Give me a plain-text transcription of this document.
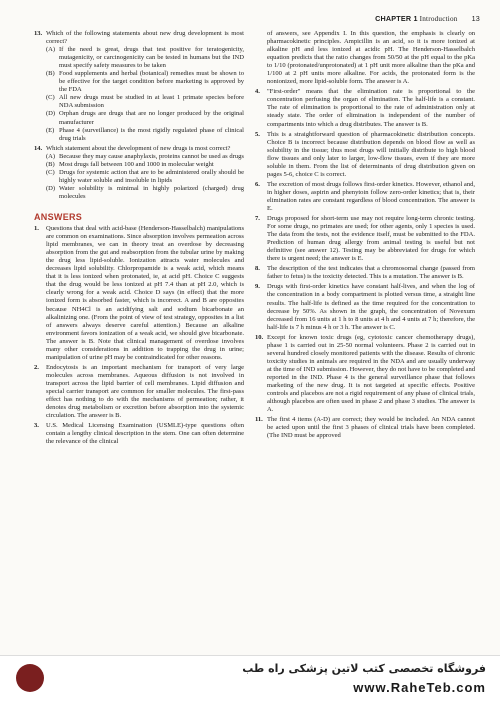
CHAPTER 1 Introduction 13
13. Which of the following statements about new drug development is most correct?
(A) If the need is great, drugs that test positive for teratogenicity, mutagenicity, or carcinogenicity can be tested in humans but the IND must specify safety measures to be taken
(B) Food supplements and herbal (botanical) remedies must be shown to be effective for the target condition before marketing is approved by the FDA
(C) All new drugs must be studied in at least 1 primate species before NDA submission
(D) Orphan drugs are drugs that are no longer produced by the original manufacturer
(E) Phase 4 (surveillance) is the most rigidly regulated phase of clinical drug trials
14. Which statement about the development of new drugs is most correct?
(A) Because they may cause anaphylaxis, proteins cannot be used as drugs
(B) Most drugs fall between 100 and 1000 in molecular weight
(C) Drugs for systemic action that are to be administered orally should be highly water soluble and insoluble in lipids
(D) Water solubility is minimal in highly polarized (charged) drug molecules
ANSWERS
1.	Questions that deal with acid-base (Henderson-Hasselbalch) manipulations are common on examinations. Since absorption involves permeation across lipid membranes, we can in theory treat an overdose by decreasing absorption from the gut and reabsorption from the tubular urine by making the drug less lipid-soluble. Ionization attracts water molecules and decreases lipid solubility. Chlorpropamide is a weak acid, which means that it is less ionized when protonated, ie, at acid pH. Choice C suggests that the drug would be less ionized at pH 7.4 than at pH 2.0, which is clearly wrong for a weak acid. Choice D says (in effect) that the more ionized form is absorbed faster, which is incorrect. A and B are opposites because NH4Cl is an acidifying salt and sodium bicarbonate an alkalinizing one. (From the point of view of test strategy, opposites in a list of answers always deserve careful attention.) Because an alkaline environment favors ionization of a weak acid, we should give bicarbonate. The answer is B. Note that clinical management of overdose involves many other considerations in addition to trapping the drug in urine; manipulation of urine pH may be contraindicated for other reasons.
2.	Endocytosis is an important mechanism for transport of very large molecules across membranes. Aqueous diffusion is not involved in transport across the lipid barrier of cell membranes. Lipid diffusion and special carrier transport are common for smaller molecules. The first-pass effect has nothing to do with the mechanisms of permeation; rather, it denotes drug metabolism or excretion before absorption into the systemic circulation. The answer is B.
3.	U.S. Medical Licensing Examination (USMLE)-type questions often contain a lengthy clinical description in the stem. One can often determine the relevance of the clinical
of answers, see Appendix I. In this question, the emphasis is clearly on pharmacokinetic principles. Ampicillin is an acid, so it is more ionized at alkaline pH and less ionized at acidic pH. The Henderson-Hasselbalch equation predicts that the ratio changes from 50/50 at the pH equal to the pKa to 1/10 (protonated/unprotonated) at 1 pH unit more alkaline than the pKa and 1/100 at 2 pH units more alkaline. For acids, the protonated form is the nonionized, more lipid-soluble form. The answer is A.
4.	"First-order" means that the elimination rate is proportional to the concentration perfusing the organ of elimination. The half-life is a constant. The rate of elimination is proportional to the rate of administration only at steady state. The order of elimination is independent of the number of compartments into which a drug distributes. The answer is B.
5.	This is a straightforward question of pharmacokinetic distribution concepts. Choice B is incorrect because distribution depends on blood flow as well as solubility in the tissue; thus most drugs will initially distribute to high blood flow tissues and only later to larger, low-flow tissues, even if they are more soluble in them. From the list of determinants of drug distribution given on pages 5-6, choice C is correct.
6.	The excretion of most drugs follows first-order kinetics. However, ethanol and, in higher doses, aspirin and phenytoin follow zero-order kinetics; that is, their elimination rates are constant regardless of blood concentration. The answer is E.
7.	Drugs proposed for short-term use may not require long-term chronic testing. For some drugs, no primates are used; for other agents, only 1 species is used. The data from the tests, not the evidence itself, must be submitted to the FDA. Prediction of human drug allergy from animal testing is useful but not definitive (see answer 12). Testing may be abbreviated for drugs for which there is urgent need; the answer is E.
8.	The description of the test indicates that a chromosomal change (passed from father to fetus) is the toxicity detected. This is a mutation. The answer is B.
9.	Drugs with first-order kinetics have constant half-lives, and when the log of the concentration in a body compartment is plotted versus time, a straight line results. The half-life is defined as the time required for the concentration to decrease by 50%. As shown in the graph, the concentration of Novexum decreased from 16 units at 1 h to 8 units at 4 h and 4 units at 7 h; therefore, the half-life is 7 h minus 4 h or 3 h. The answer is C.
10. Except for known toxic drugs (eg, cytotoxic cancer chemotherapy drugs), phase 1 is carried out in 25-50 normal volunteers. Phase 2 is carried out in several hundred closely monitored patients with the disease. Results of chronic toxicity studies in animals are required in the NDA and are usually underway at the time of IND submission. However, they do not have to be completed and reported in the IND. Phase 4 is the general surveillance phase that follows marketing of the new drug. It is not targeted at specific effects. Positive controls and placebos are not a rigid requirement of any phase of clinical trials, although placebos are often used in phase 2 and phase 3 studies. The answer is A.
11. The first 4 items (A-D) are correct; they would be included. An NDA cannot be acted upon until the first 3 phases of clinical trials have been completed. (The IND must be approved
فروشگاه تخصصی کتب لاتین پزشکی راه طب
www.RaheTeb.com
